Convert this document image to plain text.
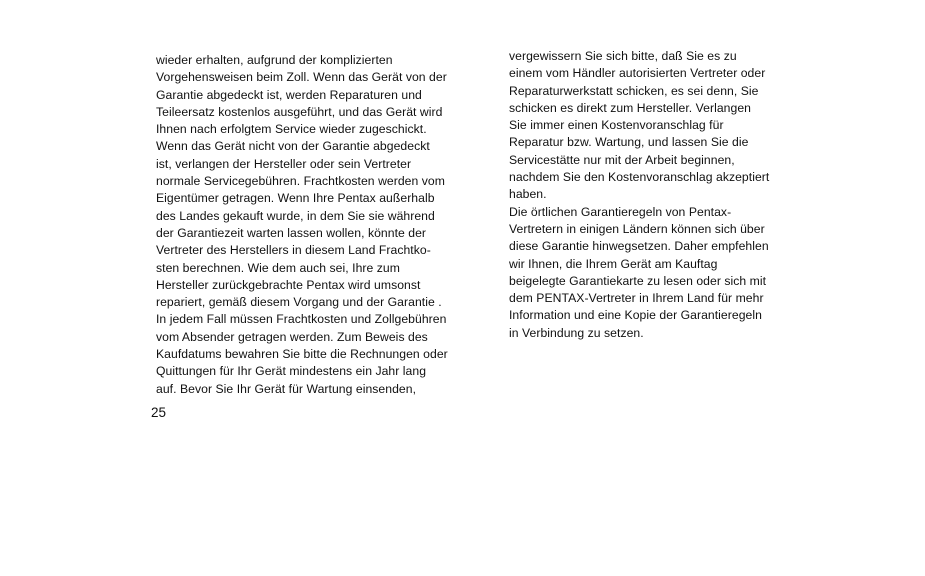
wieder erhalten, aufgrund der komplizierten
Vorgehensweisen beim Zoll. Wenn das Gerät von der
Garantie abgedeckt ist, werden Reparaturen und
Teileersatz kostenlos ausgeführt, und das Gerät wird
Ihnen nach erfolgtem Service wieder zugeschickt.
Wenn das Gerät nicht von der Garantie abgedeckt
ist, verlangen der Hersteller oder sein Vertreter
normale Servicegebühren. Frachtkosten werden vom
Eigentümer getragen. Wenn Ihre Pentax außerhalb
des Landes gekauft wurde, in dem Sie sie während
der Garantiezeit warten lassen wollen, könnte der
Vertreter des Herstellers in diesem Land Frachtko-
sten berechnen. Wie dem auch sei, Ihre zum
Hersteller zurückgebrachte Pentax wird umsonst
repariert, gemäß diesem Vorgang und der Garantie .
In jedem Fall müssen Frachtkosten und Zollgebühren
vom Absender getragen werden. Zum Beweis des
Kaufdatums bewahren Sie bitte die Rechnungen oder
Quittungen für Ihr Gerät mindestens ein Jahr lang
auf. Bevor Sie Ihr Gerät für Wartung einsenden,
vergewissern Sie sich bitte, daß Sie es zu
einem vom Händler autorisierten Vertreter oder
Reparaturwerkstatt schicken, es sei denn, Sie
schicken es direkt zum Hersteller. Verlangen
Sie immer einen Kostenvoranschlag für
Reparatur bzw. Wartung, und lassen Sie die
Servicestätte nur mit der Arbeit beginnen,
nachdem Sie den Kostenvoranschlag akzeptiert
haben.
Die örtlichen Garantieregeln von Pentax-
Vertretern in einigen Ländern können sich über
diese Garantie hinwegsetzen. Daher empfehlen
wir Ihnen, die Ihrem Gerät am Kauftag
beigelegte Garantiekarte zu lesen oder sich mit
dem PENTAX-Vertreter in Ihrem Land für mehr
Information und eine Kopie der Garantieregeln
in Verbindung zu setzen.
25
